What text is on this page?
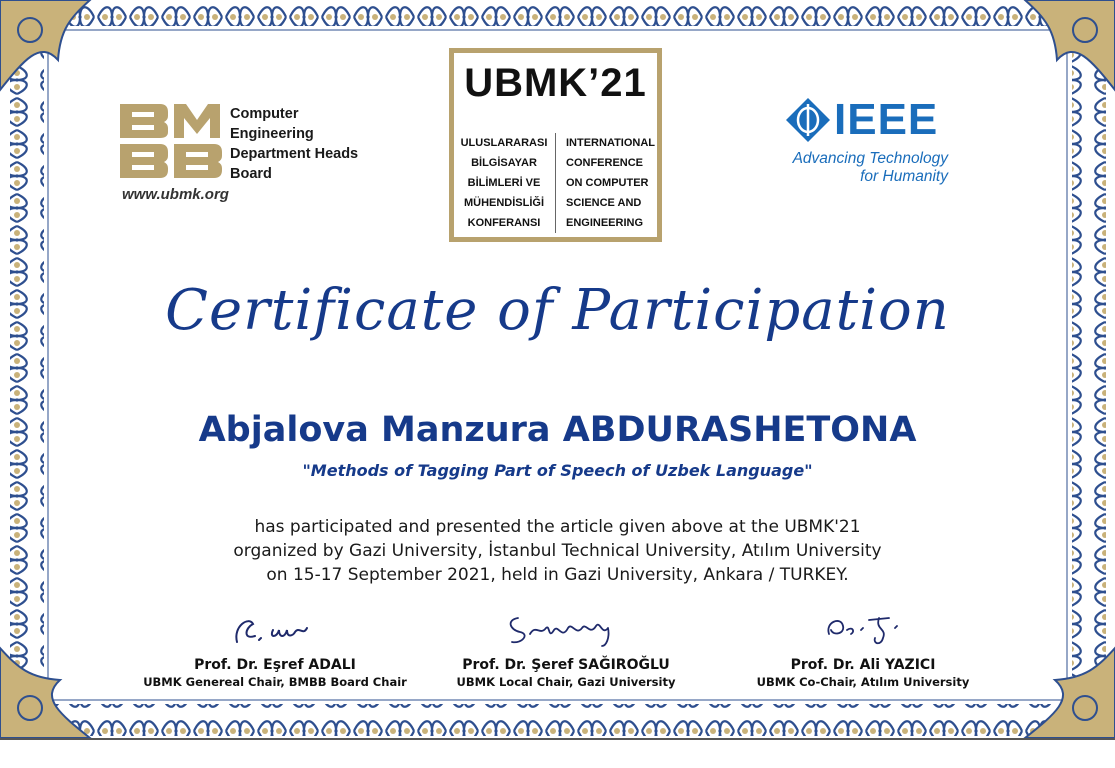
Computer
Engineering
Department Heads
Board
www.ubmk.org
UBMK’21
ULUSLARARASI
BİLGİSAYAR
BİLİMLERİ VE
MÜHENDİSLİĞİ
KONFERANSI
INTERNATIONAL
CONFERENCE
ON COMPUTER
SCIENCE AND
ENGINEERING
IEEE
Advancing Technology
for Humanity
Certificate of Participation
Abjalova Manzura ABDURASHETONA
"Methods of Tagging Part of Speech of Uzbek Language"
has participated and presented the article given above at the UBMK'21
organized by Gazi University, İstanbul Technical University, Atılım University
on 15-17 September 2021, held in Gazi University, Ankara / TURKEY.
Prof. Dr. Eşref ADALI
UBMK Genereal Chair, BMBB Board Chair
Prof. Dr. Şeref SAĞIROĞLU
UBMK Local Chair, Gazi University
Prof. Dr. Ali YAZICI
UBMK Co-Chair, Atılım University
